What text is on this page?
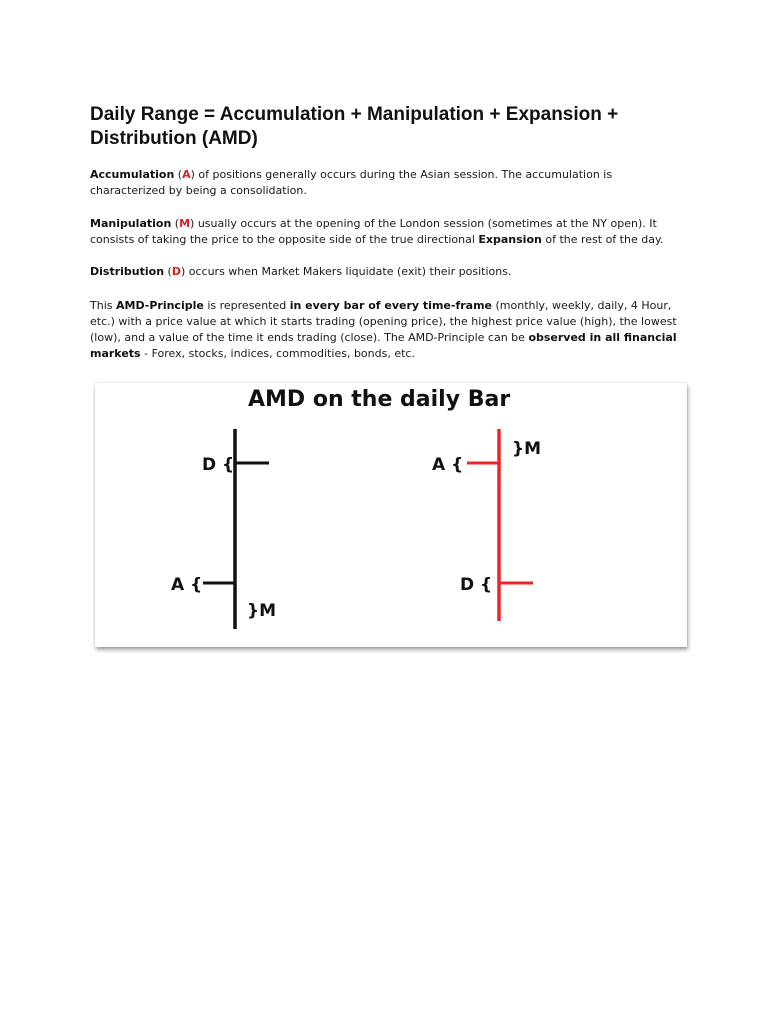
Daily Range = Accumulation + Manipulation + Expansion + Distribution (AMD)

Accumulation (A) of positions generally occurs during the Asian session. The accumulation is characterized by being a consolidation.

Manipulation (M) usually occurs at the opening of the London session (sometimes at the NY open). It consists of taking the price to the opposite side of the true directional Expansion of the rest of the day.

Distribution (D) occurs when Market Makers liquidate (exit) their positions.

This AMD-Principle is represented in every bar of every time-frame (monthly, weekly, daily, 4 Hour, etc.) with a price value at which it starts trading (opening price), the highest price value (high), the lowest (low), and a value of the time it ends trading (close). The AMD-Principle can be observed in all financial markets - Forex, stocks, indices, commodities, bonds, etc.

AMD on the daily Bar
D {
A {
}M
A {
}M
D {
